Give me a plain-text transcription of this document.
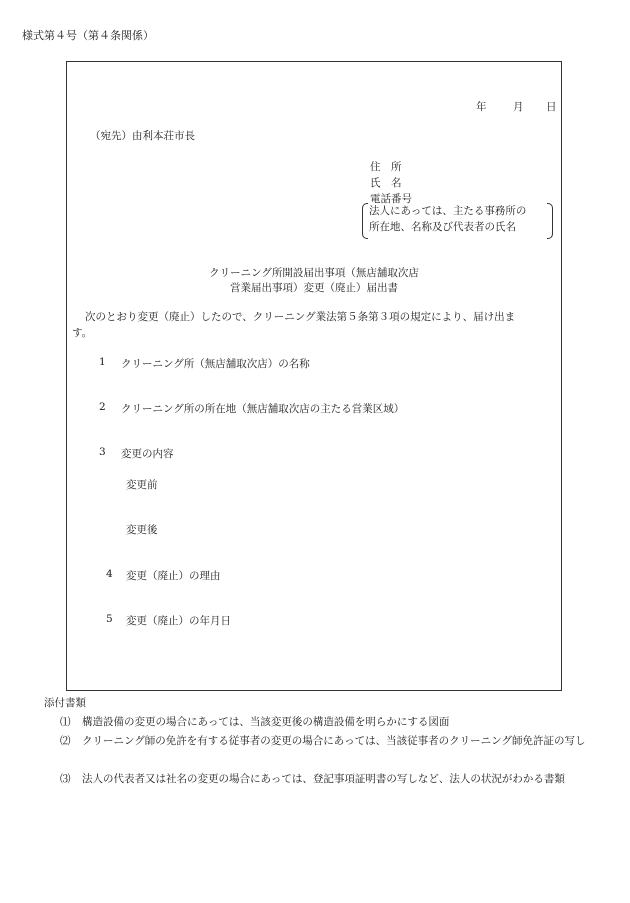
様式第４号（第４条関係）
年	月 日
（宛先）由利本荘市長
住　所
氏　名
電話番号
法人にあっては、主たる事務所の
所在地、名称及び代表者の氏名
クリーニング所開設届出事項（無店舗取次店
営業届出事項）変更（廃止）届出書
次のとおり変更（廃止）したので、クリーニング業法第５条第３項の規定により、届け出ま
す。
1 クリーニング所（無店舗取次店）の名称
2 クリーニング所の所在地（無店舗取次店の主たる営業区域）
3 変更の内容
変更前
変更後
4 変更（廃止）の理由
5 変更（廃止）の年月日
添付書類
⑴	構造設備の変更の場合にあっては、当該変更後の構造設備を明らかにする図面
⑵	クリーニング師の免許を有する従事者の変更の場合にあっては、当該従事者のクリーニング師免許証の写し
⑶	法人の代表者又は社名の変更の場合にあっては、登記事項証明書の写しなど、法人の状況がわかる書類
